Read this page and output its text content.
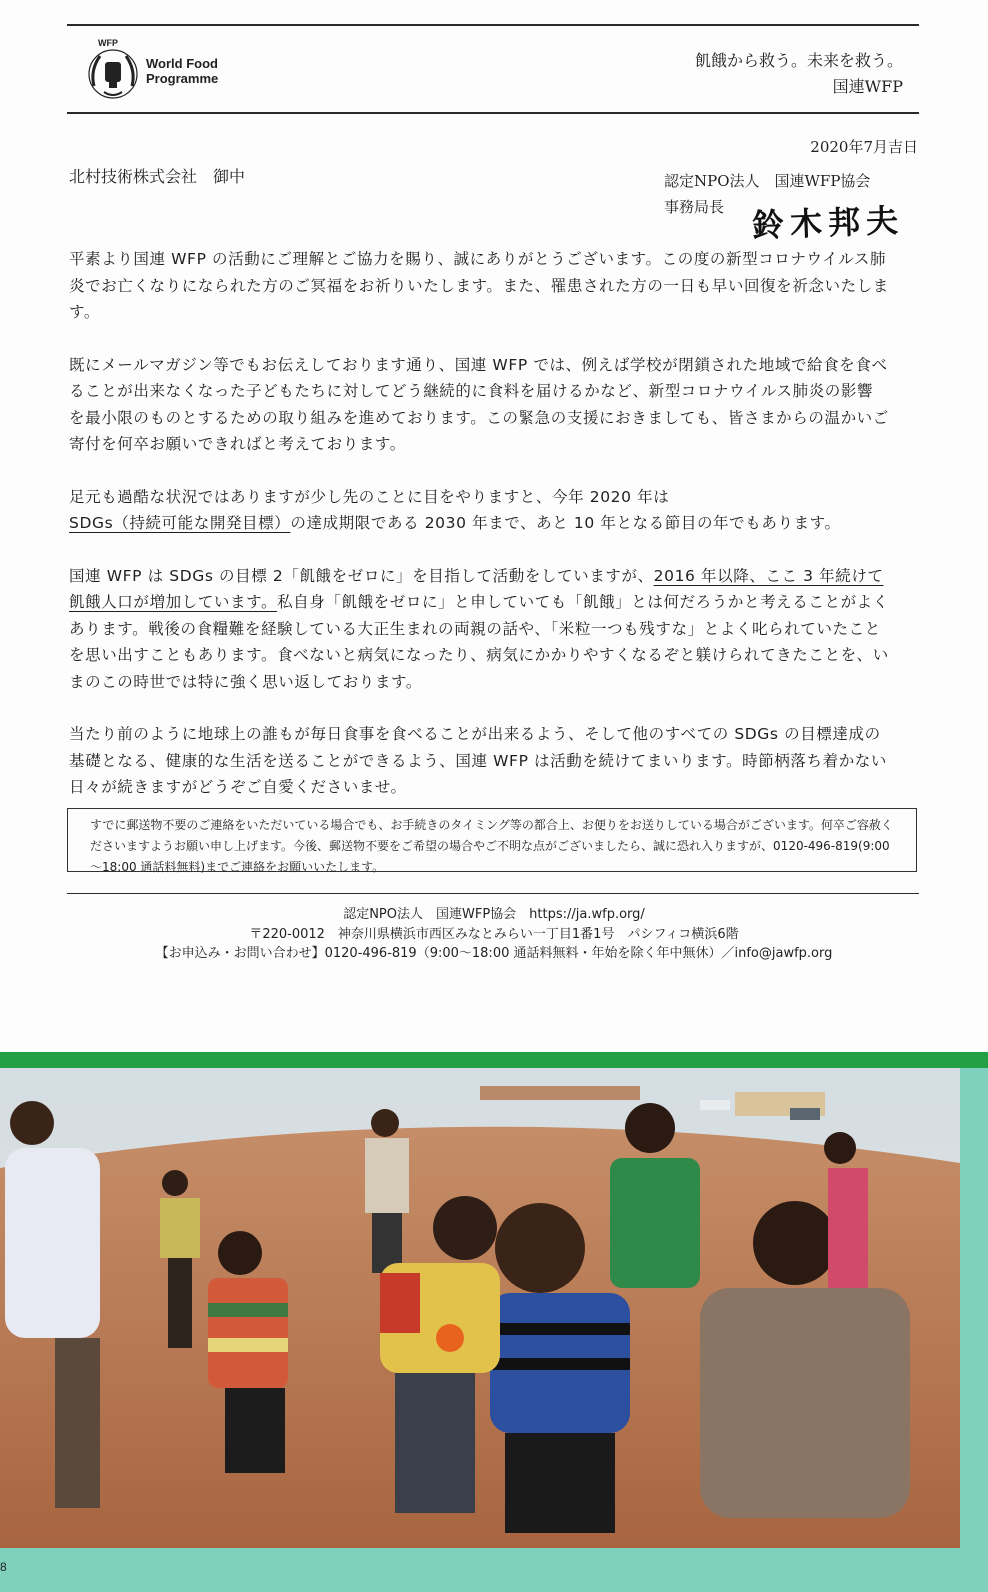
WFP
World Food
Programme
飢餓から救う。未来を救う。
国連WFP
2020年7月吉日
北村技術株式会社　御中	認定NPO法人　国連WFP協会
事務局長 鈴木邦夫

平素より国連 WFP の活動にご理解とご協力を賜り、誠にありがとうございます。この度の新型コロナウイルス肺炎でお亡くなりになられた方のご冥福をお祈りいたします。また、罹患された方の一日も早い回復を祈念いたします。

既にメールマガジン等でもお伝えしております通り、国連 WFP では、例えば学校が閉鎖された地域で給食を食べることが出来なくなった子どもたちに対してどう継続的に食料を届けるかなど、新型コロナウイルス肺炎の影響を最小限のものとするための取り組みを進めております。この緊急の支援におきましても、皆さまからの温かいご寄付を何卒お願いできればと考えております。

足元も過酷な状況ではありますが少し先のことに目をやりますと、今年 2020 年はSDGs（持続可能な開発目標）の達成期限である 2030 年まで、あと 10 年となる節目の年でもあります。

国連 WFP は SDGs の目標 2「飢餓をゼロに」を目指して活動をしていますが、2016 年以降、ここ 3 年続けて飢餓人口が増加しています。私自身「飢餓をゼロに」と申していても「飢餓」とは何だろうかと考えることがよくあります。戦後の食糧難を経験している大正生まれの両親の話や、「米粒一つも残すな」とよく叱られていたことを思い出すこともあります。食べないと病気になったり、病気にかかりやすくなるぞと躾けられてきたことを、いまのこの時世では特に強く思い返しております。

当たり前のように地球上の誰もが毎日食事を食べることが出来るよう、そして他のすべての SDGs の目標達成の基礎となる、健康的な生活を送ることができるよう、国連 WFP は活動を続けてまいります。時節柄落ち着かない日々が続きますがどうぞご自愛くださいませ。

すでに郵送物不要のご連絡をいただいている場合でも、お手続きのタイミング等の都合上、お便りをお送りしている場合がございます。何卒ご容赦くださいますようお願い申し上げます。今後、郵送物不要をご希望の場合やご不明な点がございましたら、誠に恐れ入りますが、0120-496-819(9:00～18:00 通話料無料)までご連絡をお願いいたします。
認定NPO法人　国連WFP協会　https://ja.wfp.org/
〒220-0012　神奈川県横浜市西区みなとみらい一丁目1番1号　パシフィコ横浜6階
【お申込み・お問い合わせ】0120-496-819（9:00～18:00 通話料無料・年始を除く年中無休）／info@jawfp.org
8
